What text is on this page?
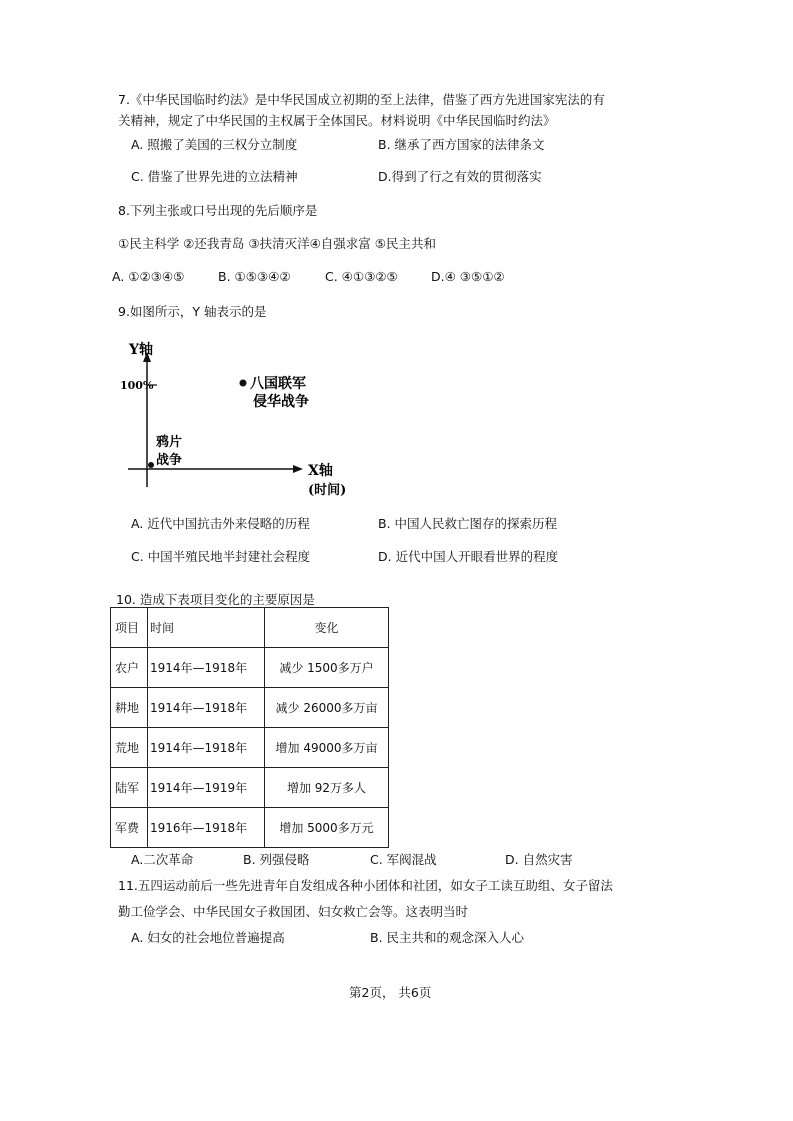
7.《中华民国临时约法》是中华民国成立初期的至上法律，借鉴了西方先进国家宪法的有
关精神，规定了中华民国的主权属于全体国民。材料说明《中华民国临时约法》
A. 照搬了美国的三权分立制度	B. 继承了西方国家的法律条文
C. 借鉴了世界先进的立法精神	D.得到了行之有效的贯彻落实
8.下列主张或口号出现的先后顺序是
①民主科学 ②还我青岛 ③扶清灭洋④自强求富 ⑤民主共和
A. ①②③④⑤	B. ①⑤③④②	C. ④①③②⑤	D.④ ③⑤①②
9.如图所示，Y 轴表示的是
100%
Y轴
X轴
(时间)
八国联军
侵华战争
鸦片
战争
A. 近代中国抗击外来侵略的历程	B. 中国人民救亡图存的探索历程
C. 中国半殖民地半封建社会程度	D. 近代中国人开眼看世界的程度
10. 造成下表项目变化的主要原因是
项目	时间	变化
农户	1914年—1918年	减少 1500多万户
耕地	1914年—1918年	减少 26000多万亩
荒地	1914年—1918年	增加 49000多万亩
陆军	1914年—1919年	增加 92万多人
军费	1916年—1918年	增加 5000多万元
A.二次革命	B. 列强侵略	C. 军阀混战	D. 自然灾害
11.五四运动前后一些先进青年自发组成各种小团体和社团，如女子工读互助组、女子留法
勤工俭学会、中华民国女子救国团、妇女救亡会等。这表明当时
A. 妇女的社会地位普遍提高	B. 民主共和的观念深入人心
第2页， 共6页
